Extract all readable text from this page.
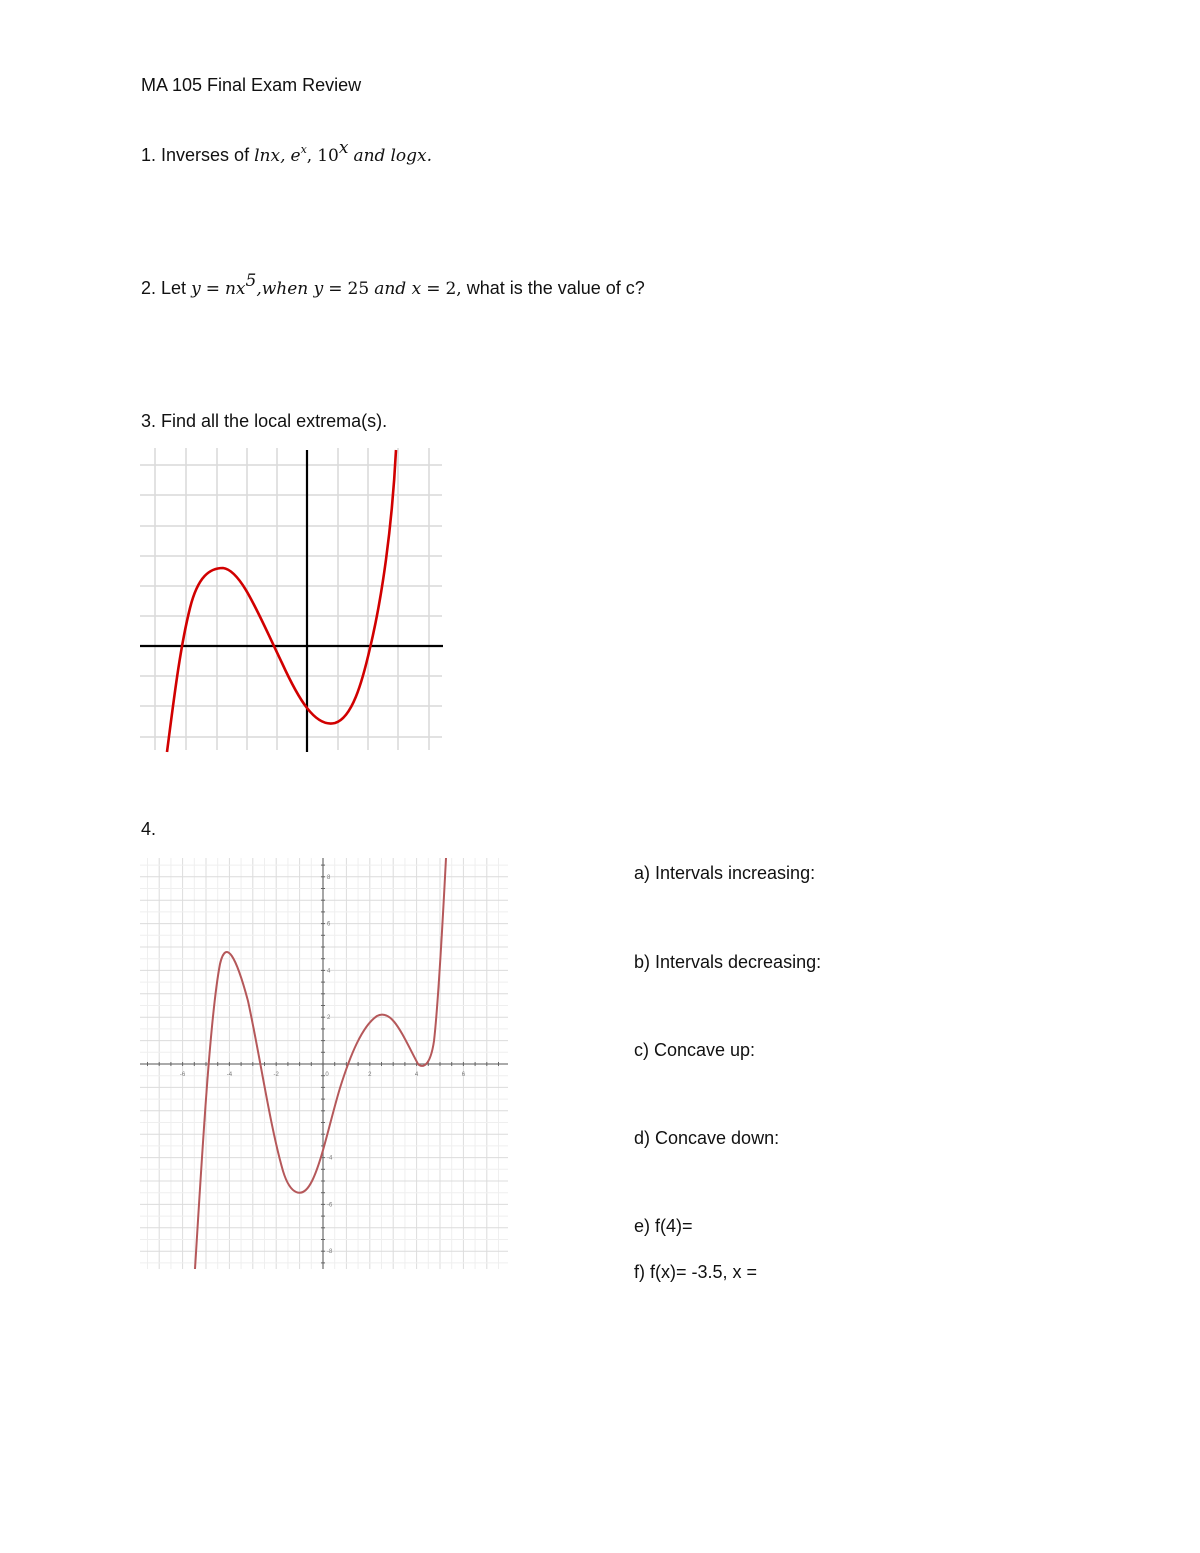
MA 105 Final Exam Review
1. Inverses of lnx, $e^x$, 10$^x$ and logx.
2. Let $y = nx^5,when$ y = 25 and x = 2, what is the value of c?
3. Find all the local extrema(s).
4.
-6	-4	-2	0	2	4	6
8
6
4
2
-4
-6
-8
a) Intervals increasing:
b) Intervals decreasing:
c) Concave up:
d) Concave down:
e) f(4)=
f) f(x)= -3.5, x =
